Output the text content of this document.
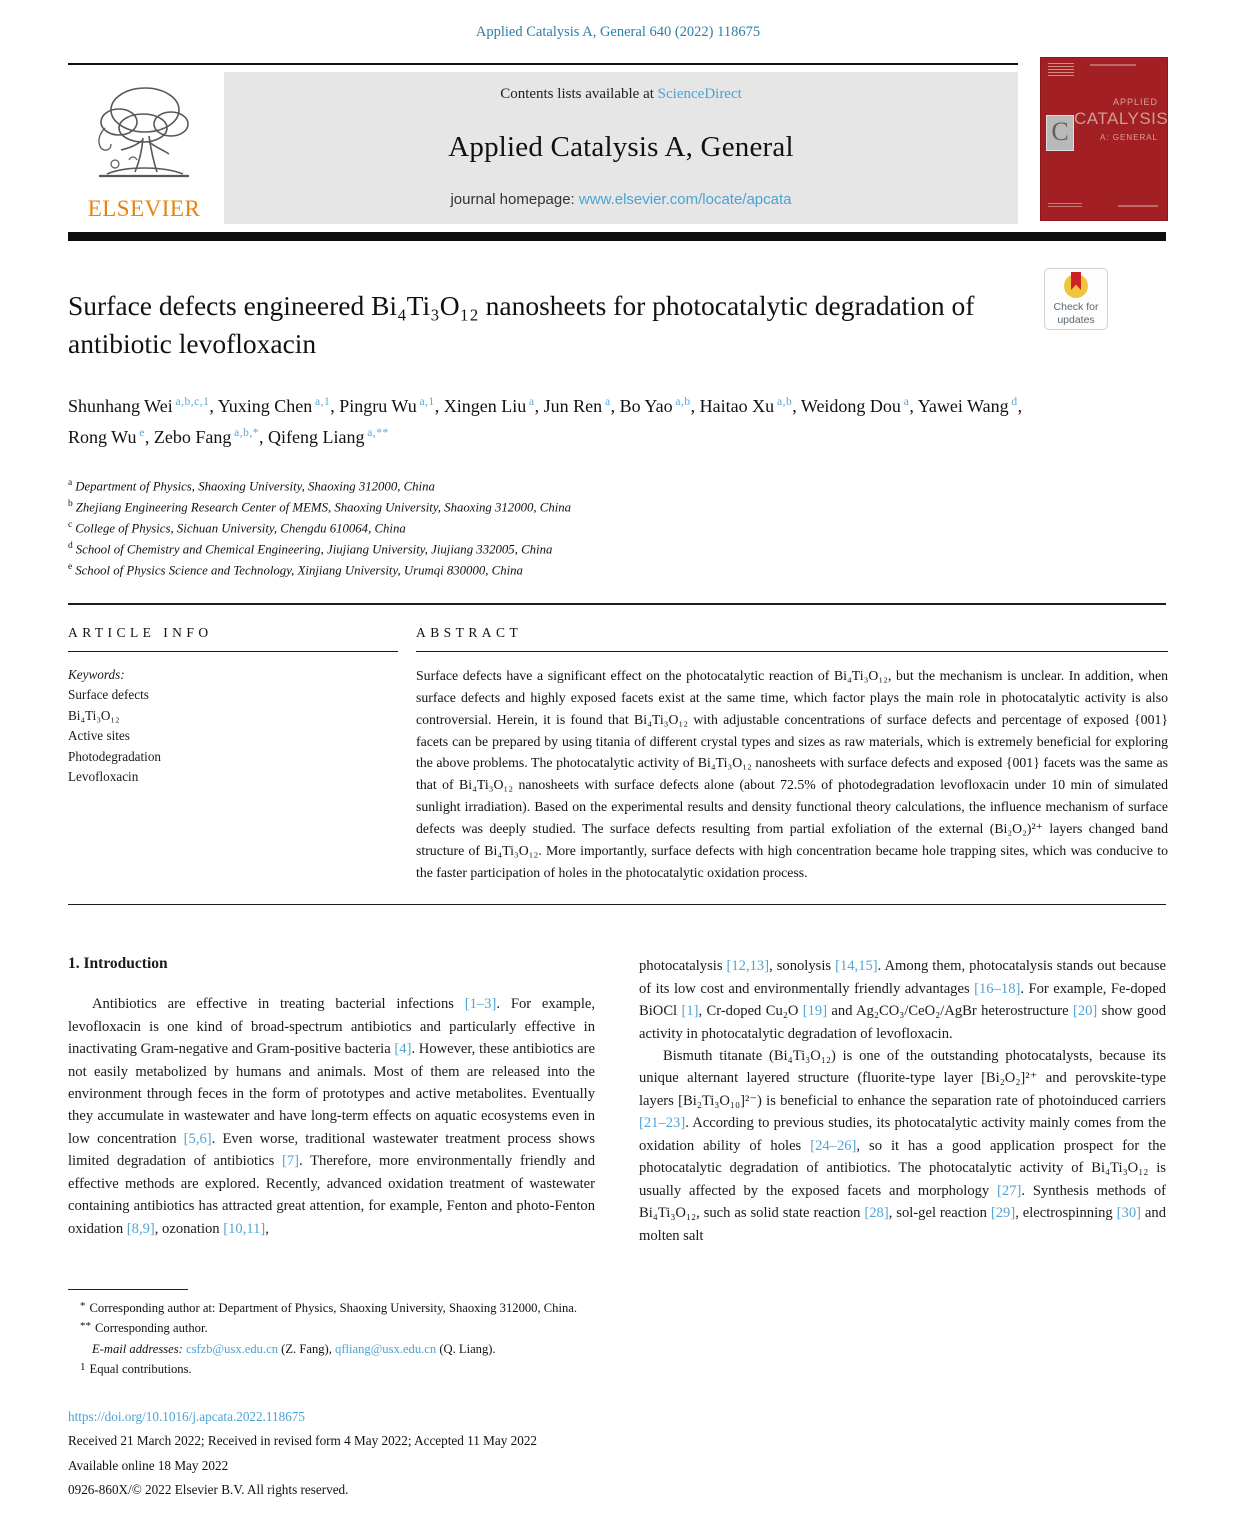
Applied Catalysis A, General 640 (2022) 118675
ELSEVIER
Contents lists available at ScienceDirect
Applied Catalysis A, General
journal homepage: www.elsevier.com/locate/apcata
C
APPLIED
CATALYSIS
A: GENERAL
Check for updates
Surface defects engineered Bi₄Ti₃O₁₂ nanosheets for photocatalytic degradation of antibiotic levofloxacin
Shunhang Wei $^{a,b,c,1}$, Yuxing Chen $^{a,1}$, Pingru Wu $^{a,1}$, Xingen Liu $^a$, Jun Ren $^a$, Bo Yao $^{a,b}$, Haitao Xu $^{a,b}$, Weidong Dou $^a$, Yawei Wang $^d$, Rong Wu $^e$, Zebo Fang $^{a,b,*}$, Qifeng Liang $^{a,**}$
$^a$ Department of Physics, Shaoxing University, Shaoxing 312000, China
$^b$ Zhejiang Engineering Research Center of MEMS, Shaoxing University, Shaoxing 312000, China
$^c$ College of Physics, Sichuan University, Chengdu 610064, China
$^d$ School of Chemistry and Chemical Engineering, Jiujiang University, Jiujiang 332005, China
$^e$ School of Physics Science and Technology, Xinjiang University, Urumqi 830000, China
ARTICLE INFO
Keywords:
Surface defects
Bi₄Ti₃O₁₂
Active sites
Photodegradation
Levofloxacin
ABSTRACT
Surface defects have a significant effect on the photocatalytic reaction of Bi₄Ti₃O₁₂, but the mechanism is unclear. In addition, when surface defects and highly exposed facets exist at the same time, which factor plays the main role in photocatalytic activity is also controversial. Herein, it is found that Bi₄Ti₃O₁₂ with adjustable concentrations of surface defects and percentage of exposed {001} facets can be prepared by using titania of different crystal types and sizes as raw materials, which is extremely beneficial for exploring the above problems. The photocatalytic activity of Bi₄Ti₃O₁₂ nanosheets with surface defects and exposed {001} facets was the same as that of Bi₄Ti₃O₁₂ nanosheets with surface defects alone (about 72.5% of photodegradation levofloxacin under 10 min of simulated sunlight irradiation). Based on the experimental results and density functional theory calculations, the influence mechanism of surface defects was deeply studied. The surface defects resulting from partial exfoliation of the external (Bi₂O₂)²⁺ layers changed band structure of Bi₄Ti₃O₁₂. More importantly, surface defects with high concentration became hole trapping sites, which was conducive to the faster participation of holes in the photocatalytic oxidation process.
1. Introduction

Antibiotics are effective in treating bacterial infections [1–3]. For example, levofloxacin is one kind of broad-spectrum antibiotics and particularly effective in inactivating Gram-negative and Gram-positive bacteria [4]. However, these antibiotics are not easily metabolized by humans and animals. Most of them are released into the environment through feces in the form of prototypes and active metabolites. Eventually they accumulate in wastewater and have long-term effects on aquatic ecosystems even in low concentration [5,6]. Even worse, traditional wastewater treatment process shows limited degradation of antibiotics [7]. Therefore, more environmentally friendly and effective methods are explored. Recently, advanced oxidation treatment of wastewater containing antibiotics has attracted great attention, for example, Fenton and photo-Fenton oxidation [8,9], ozonation [10,11],

photocatalysis [12,13], sonolysis [14,15]. Among them, photocatalysis stands out because of its low cost and environmentally friendly advantages [16–18]. For example, Fe-doped BiOCl [1], Cr-doped Cu₂O [19] and Ag₂CO₃/CeO₂/AgBr heterostructure [20] show good activity in photocatalytic degradation of levofloxacin.

Bismuth titanate (Bi₄Ti₃O₁₂) is one of the outstanding photocatalysts, because its unique alternant layered structure (fluorite-type layer [Bi₂O₂]²⁺ and perovskite-type layers [Bi₂Ti₃O₁₀]²⁻) is beneficial to enhance the separation rate of photoinduced carriers [21–23]. According to previous studies, its photocatalytic activity mainly comes from the oxidation ability of holes [24–26], so it has a good application prospect for the photocatalytic degradation of antibiotics. The photocatalytic activity of Bi₄Ti₃O₁₂ is usually affected by the exposed facets and morphology [27]. Synthesis methods of Bi₄Ti₃O₁₂, such as solid state reaction [28], sol-gel reaction [29], electrospinning [30] and molten salt

* Corresponding author at: Department of Physics, Shaoxing University, Shaoxing 312000, China.
** Corresponding author.
E-mail addresses: csfzb@usx.edu.cn (Z. Fang), qfliang@usx.edu.cn (Q. Liang).
1 Equal contributions.
https://doi.org/10.1016/j.apcata.2022.118675
Received 21 March 2022; Received in revised form 4 May 2022; Accepted 11 May 2022
Available online 18 May 2022
0926-860X/© 2022 Elsevier B.V. All rights reserved.
